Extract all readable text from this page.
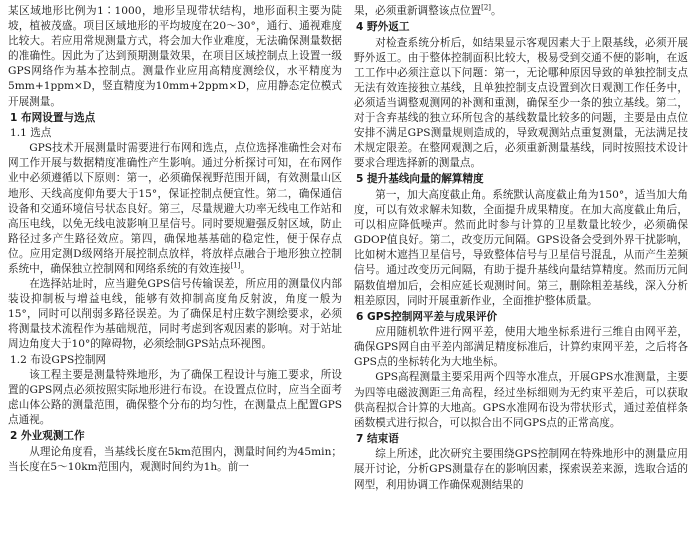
某区域地形比例为1∶1000，地形呈现带状结构，地形面积主要为陡坡，植被茂盛。项目区域地形的平均坡度在20～30°，通行、通视难度比较大。若应用常规测量方式，将会加大作业难度，无法确保测量数据的准确性。因此为了达到预期测量效果，在项目区域控制点上设置一级GPS网络作为基本控制点。测量作业应用高精度测绘仪，水平精度为5mm+1ppm×D，竖直精度为10mm+2ppm×D，应用静态定位模式开展测量。

1 布网设置与选点
1.1 选点

GPS技术开展测量时需要进行布网和选点，点位选择准确性会对布网工作开展与数据精度准确性产生影响。通过分析探讨可知，在布网作业中必须遵循以下原则：第一，必须确保视野范围开阔，有效测量山区地形、天线高度仰角要大于15°，保证控制点便宜性。第二，确保通信设备和交通环境信号状态良好。第三，尽量规避大功率无线电工作站和高压电线，以免无线电波影响卫星信号。同时要规避强反射区域，防止路径过多产生路径效应。第四，确保地基基础的稳定性，便于保存点位。应用定测D级网络开展控制点放样，将放样点融合于地形独立控制系统中，确保独立控制网和网络系统的有效连接[1]。

在选择站址时，应当避免GPS信号传输误差，所应用的测量仪内部装设抑制板与增益电线，能够有效抑制高度角反射波，角度一般为15°，同时可以削弱多路径误差。为了确保足村庄数字测绘要求，必须将测量技术流程作为基础规范，同时考虑到客观因素的影响。对于站址周边角度大于10°的障碍物，必须绘制GPS站点环视图。

1.2 布设GPS控制网

该工程主要是测量特殊地形，为了确保工程设计与施工要求，所设置的GPS网点必须按照实际地形进行布设。在设置点位时，应当全面考虑山体公路的测量范围，确保整个分布的均匀性，在测量点上配置GPS点通视。

2 外业观测工作

从理论角度看，当基线长度在5km范围内，测量时间约为45min；当长度在5～10km范围内，观测时间约为1h。前一

果，必须重新调整该点位置[2]。

4 野外返工

对检查系统分析后，如结果显示客观因素大于上限基线，必须开展野外返工。由于整体控制面积比较大，极易受到交通不便的影响，在返工工作中必须注意以下问题：第一，无论哪种原因导致的单独控制支点无法有效连接独立基线，且单独控制支点设置到次日观测工作任务中，必须适当调整观测网的补测和重测，确保至少一条的独立基线。第二，对于含弃基线的独立环所包含的基线数量比较多的问题，主要是由点位安排不满足GPS测量规则造成的，导致观测站点重复测量，无法满足技术规定限差。在整网观测之后，必须重新测量基线，同时按照技术设计要求合理选择新的测量点。

5 提升基线向量的解算精度

第一，加大高度截止角。系统默认高度截止角为150°，适当加大角度，可以有效求解未知数，全面提升成果精度。在加大高度截止角后，可以相应降低噪声。然而此时参与计算的卫星数量比较少，必须确保GDOP值良好。第二，改变历元间隔。GPS设备会受到外界干扰影响，比如树木遮挡卫星信号，导致整体信号与卫星信号混乱，从而产生差频信号。通过改变历元间隔，有助于提升基线向量结算精度。然而历元间隔数值增加后，会相应延长观测时间。第三，删除粗差基线，深入分析粗差原因，同时开展重新作业，全面推护整体质量。

6 GPS控制网平差与成果评价

应用随机软件进行网平差，使用大地坐标系进行三维自由网平差，确保GPS网自由平差内部满足精度标准后，计算约束网平差，之后将各GPS点的坐标转化为大地坐标。

GPS高程测量主要采用两个四等水准点，开展GPS水准测量，主要为四等电磁波测距三角高程，经过坐标细则为无约束平差后，可以获取供高程拟合计算的大地高。GPS水准网布设为带状形式，通过差值样条函数模式进行拟合，可以拟合出不同GPS点的正常高度。

7 结束语

综上所述，此次研究主要围绕GPS控制网在特殊地形中的测量应用展开讨论，分析GPS测量存在的影响因素，探索误差来源，选取合适的网型，利用协调工作确保观测结果的
